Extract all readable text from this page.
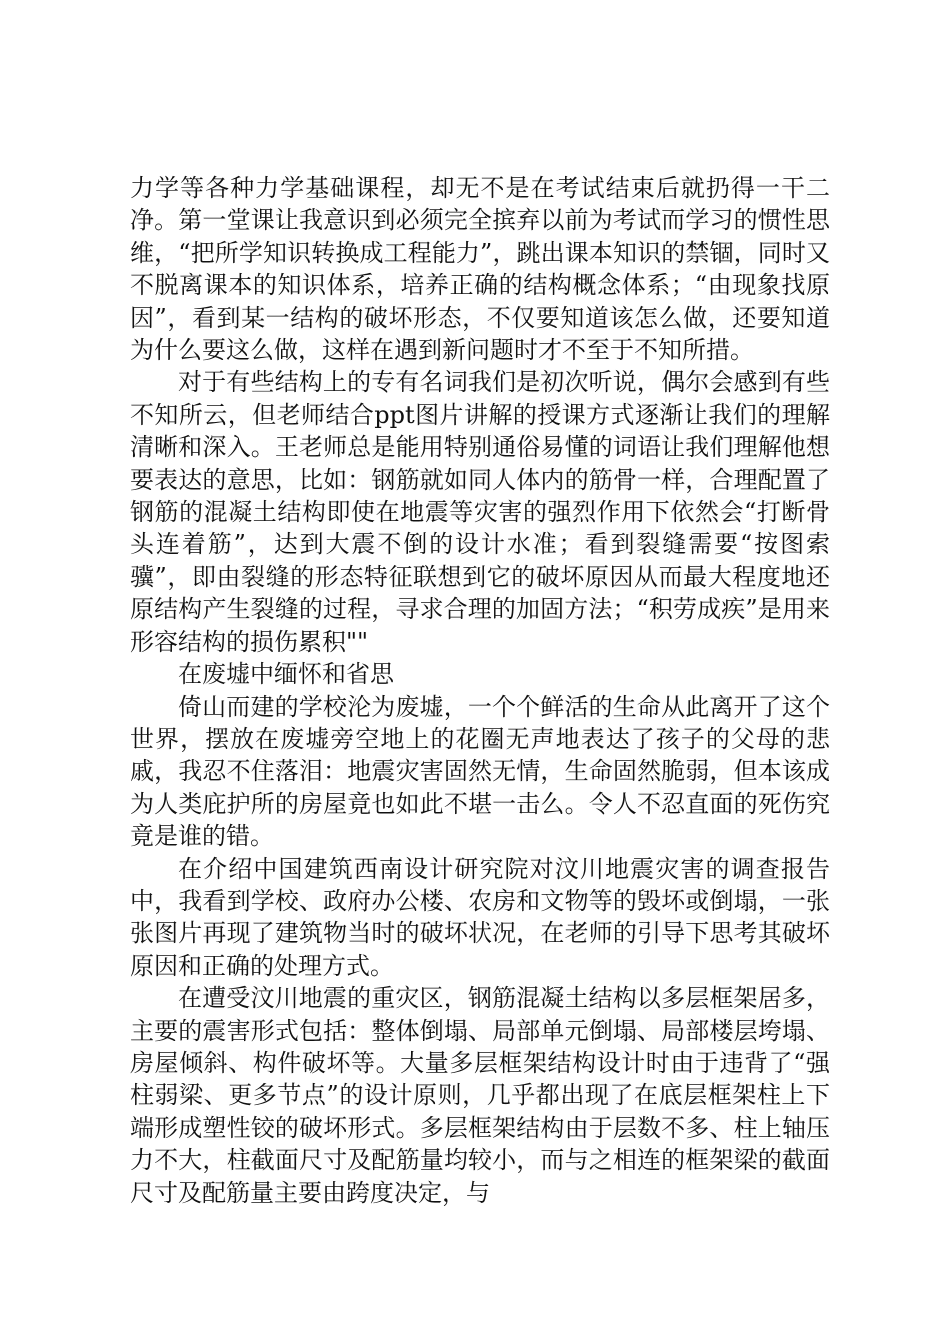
力学等各种力学基础课程，却无不是在考试结束后就扔得一干二净。第一堂课让我意识到必须完全摈弃以前为考试而学习的惯性思维，“把所学知识转换成工程能力”，跳出课本知识的禁锢，同时又不脱离课本的知识体系，培养正确的结构概念体系；“由现象找原因”，看到某一结构的破坏形态，不仅要知道该怎么做，还要知道为什么要这么做，这样在遇到新问题时才不至于不知所措。

对于有些结构上的专有名词我们是初次听说，偶尔会感到有些不知所云，但老师结合ppt图片讲解的授课方式逐渐让我们的理解清晰和深入。王老师总是能用特别通俗易懂的词语让我们理解他想要表达的意思，比如：钢筋就如同人体内的筋骨一样，合理配置了钢筋的混凝土结构即使在地震等灾害的强烈作用下依然会“打断骨头连着筋”，达到大震不倒的设计水准；看到裂缝需要“按图索骥”，即由裂缝的形态特征联想到它的破坏原因从而最大程度地还原结构产生裂缝的过程，寻求合理的加固方法；“积劳成疾”是用来形容结构的损伤累积""

在废墟中缅怀和省思

倚山而建的学校沦为废墟，一个个鲜活的生命从此离开了这个世界，摆放在废墟旁空地上的花圈无声地表达了孩子的父母的悲戚，我忍不住落泪：地震灾害固然无情，生命固然脆弱，但本该成为人类庇护所的房屋竟也如此不堪一击么。令人不忍直面的死伤究竟是谁的错。

在介绍中国建筑西南设计研究院对汶川地震灾害的调查报告中，我看到学校、政府办公楼、农房和文物等的毁坏或倒塌，一张张图片再现了建筑物当时的破坏状况，在老师的引导下思考其破坏原因和正确的处理方式。

在遭受汶川地震的重灾区，钢筋混凝土结构以多层框架居多，主要的震害形式包括：整体倒塌、局部单元倒塌、局部楼层垮塌、房屋倾斜、构件破坏等。大量多层框架结构设计时由于违背了“强柱弱梁、更多节点”的设计原则，几乎都出现了在底层框架柱上下端形成塑性铰的破坏形式。多层框架结构由于层数不多、柱上轴压力不大，柱截面尺寸及配筋量均较小，而与之相连的框架梁的截面尺寸及配筋量主要由跨度决定，与
